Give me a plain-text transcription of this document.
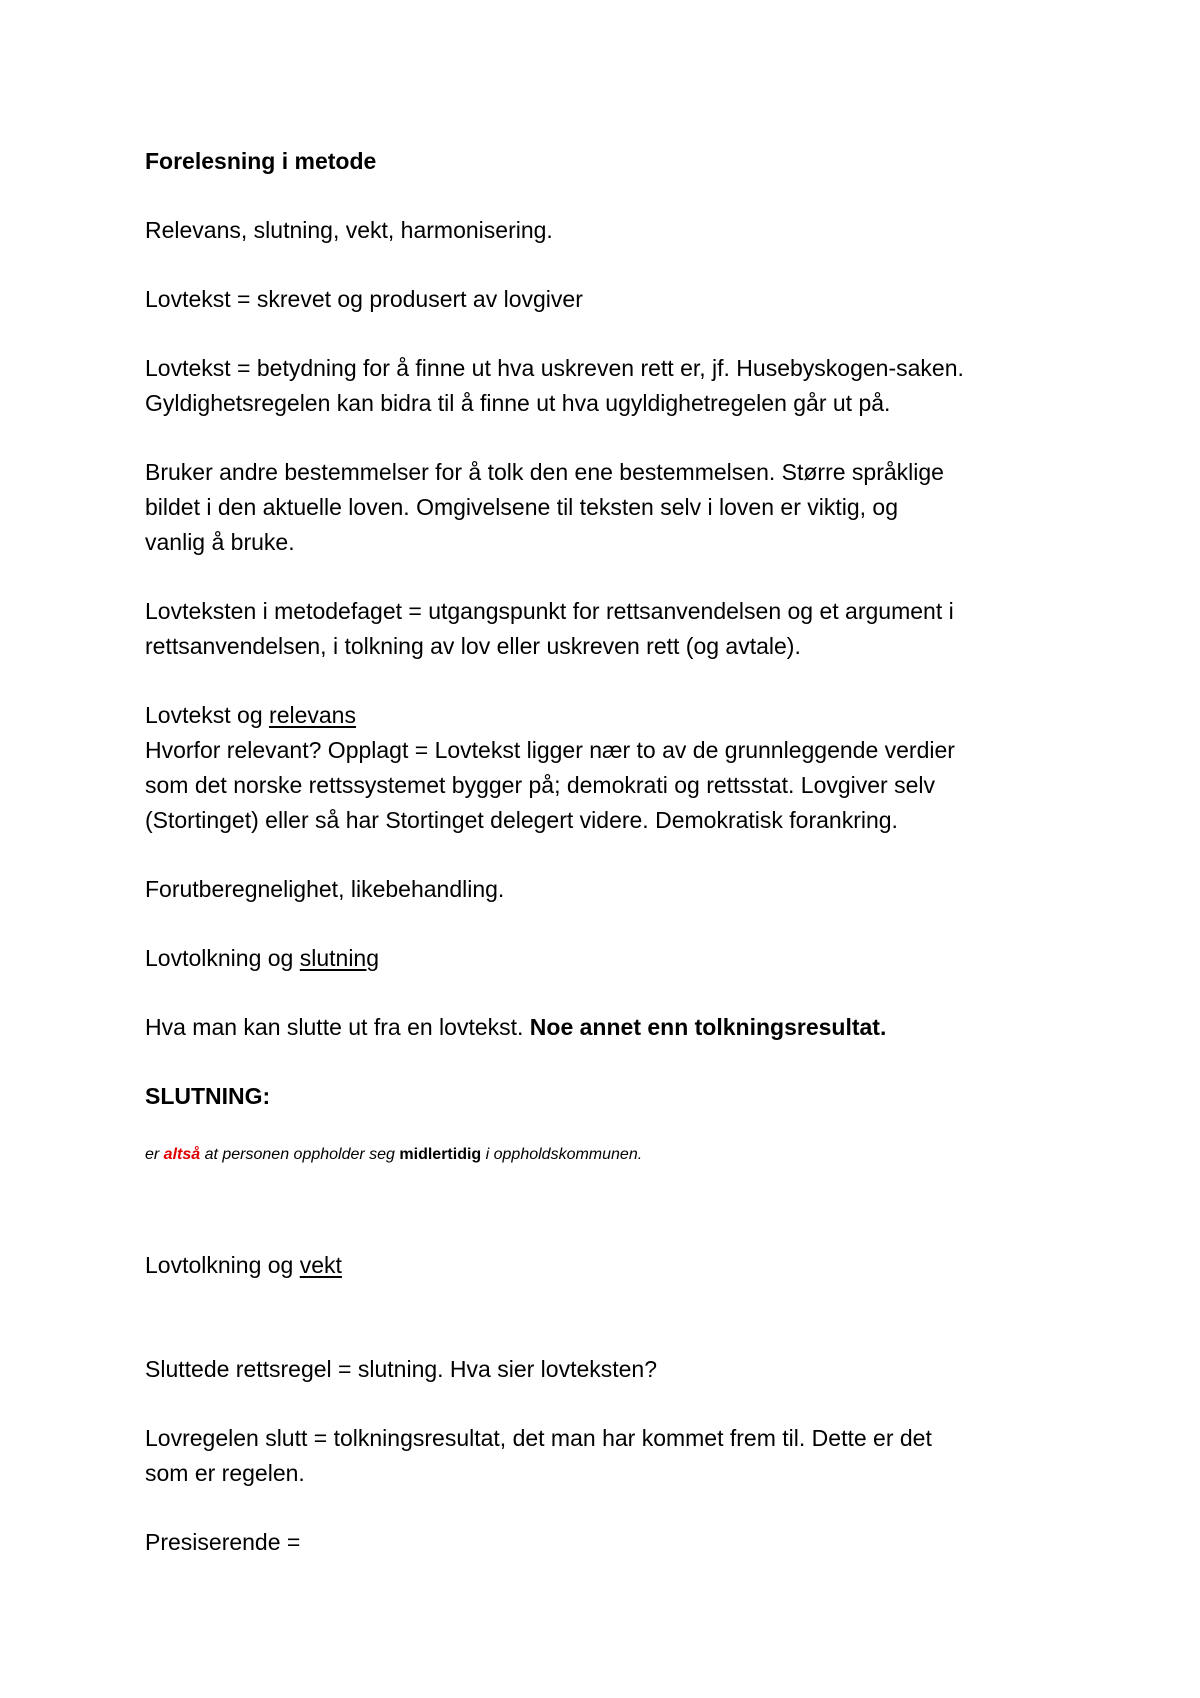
Forelesning i metode
Relevans, slutning, vekt, harmonisering.
Lovtekst = skrevet og produsert av lovgiver
Lovtekst = betydning for å finne ut hva uskreven rett er, jf. Husebyskogen-saken.
Gyldighetsregelen kan bidra til å finne ut hva ugyldighetregelen går ut på.
Bruker andre bestemmelser for å tolk den ene bestemmelsen. Større språklige
bildet i den aktuelle loven. Omgivelsene til teksten selv i loven er viktig, og
vanlig å bruke.
Lovteksten i metodefaget = utgangspunkt for rettsanvendelsen og et argument i
rettsanvendelsen, i tolkning av lov eller uskreven rett (og avtale).
Lovtekst og relevans
Hvorfor relevant? Opplagt = Lovtekst ligger nær to av de grunnleggende verdier
som det norske rettssystemet bygger på; demokrati og rettsstat. Lovgiver selv
(Stortinget) eller så har Stortinget delegert videre. Demokratisk forankring.
Forutberegnelighet, likebehandling.
Lovtolkning og slutning
Hva man kan slutte ut fra en lovtekst. Noe annet enn tolkningsresultat.
SLUTNING:
er altså at personen oppholder seg midlertidig i oppholdskommunen.
Lovtolkning og vekt
Sluttede rettsregel = slutning. Hva sier lovteksten?
Lovregelen slutt = tolkningsresultat, det man har kommet frem til. Dette er det
som er regelen.
Presiserende =
